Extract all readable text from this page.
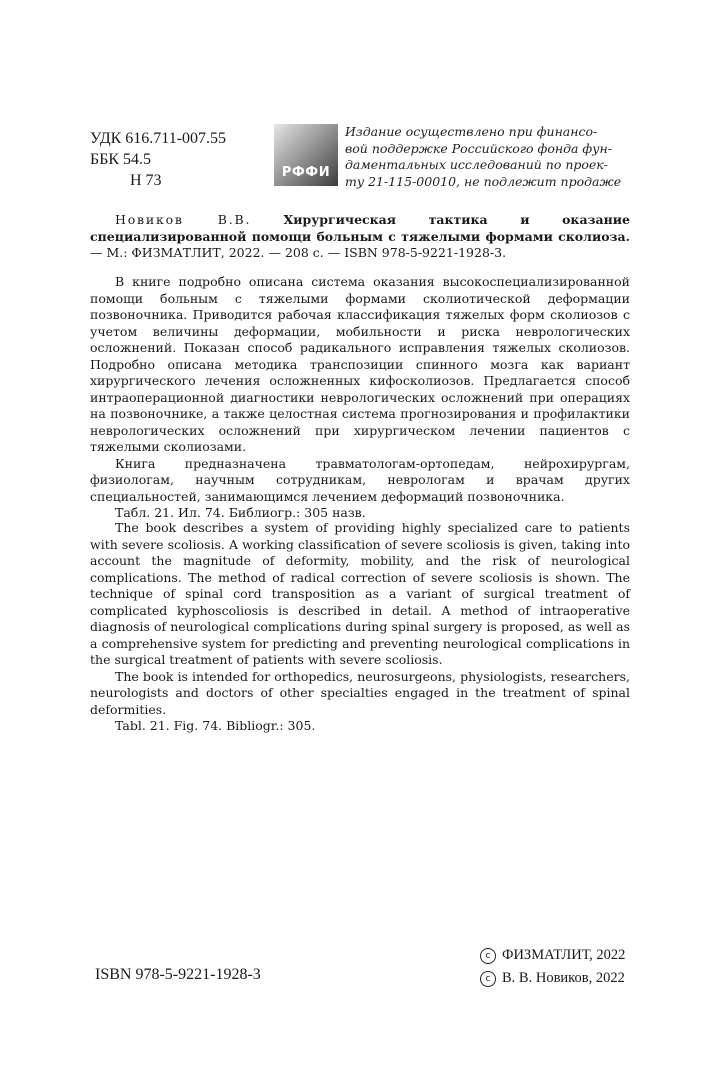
УДК 616.711-007.55
ББК 54.5
Н 73	РФФИ
Издание осуществлено при финансо-
вой поддержке Российского фонда фун-
даментальных исследований по проек-
ту 21-115-00010, не подлежит продаже

Новиков В.В.	Хирургическая тактика и оказание специализированной помощи больным с тяжелыми формами сколиоза. — М.: ФИЗМАТЛИТ, 2022. — 208 с. — ISBN 978-5-9221-1928-3.

В книге подробно описана система оказания высокоспециализированной помощи больным с тяжелыми формами сколиотической деформации позвоночника. Приводится рабочая классификация тяжелых форм сколиозов с учетом величины деформации, мобильности и риска неврологических осложнений. Показан способ радикального исправления тяжелых сколиозов. Подробно описана методика транспозиции спинного мозга как вариант хирургического лечения осложненных кифосколиозов. Предлагается способ интраоперационной диагностики неврологических осложнений при операциях на позвоночнике, а также целостная система прогнозирования и профилактики неврологических осложнений при хирургическом лечении пациентов с тяжелыми сколиозами.

Книга предназначена травматологам-ортопедам, нейрохирургам, физиологам, научным сотрудникам, неврологам и врачам других специальностей, занимающимся лечением деформаций позвоночника.

Табл. 21. Ил. 74. Библиогр.: 305 назв.

The book describes a system of providing highly specialized care to patients with severe scoliosis. A working classification of severe scoliosis is given, taking into account the magnitude of deformity, mobility, and the risk of neurological complications. The method of radical correction of severe scoliosis is shown. The technique of spinal cord transposition as a variant of surgical treatment of complicated kyphoscoliosis is described in detail. A method of intraoperative diagnosis of neurological complications during spinal surgery is proposed, as well as a comprehensive system for predicting and preventing neurological complications in the surgical treatment of patients with severe scoliosis.

The book is intended for orthopedics, neurosurgeons, physiologists, researchers, neurologists and doctors of other specialties engaged in the treatment of spinal deformities.

Tabl. 21. Fig. 74. Bibliogr.: 305.

ISBN 978-5-9221-1928-3
c ФИЗМАТЛИТ, 2022
c В. В. Новиков, 2022
